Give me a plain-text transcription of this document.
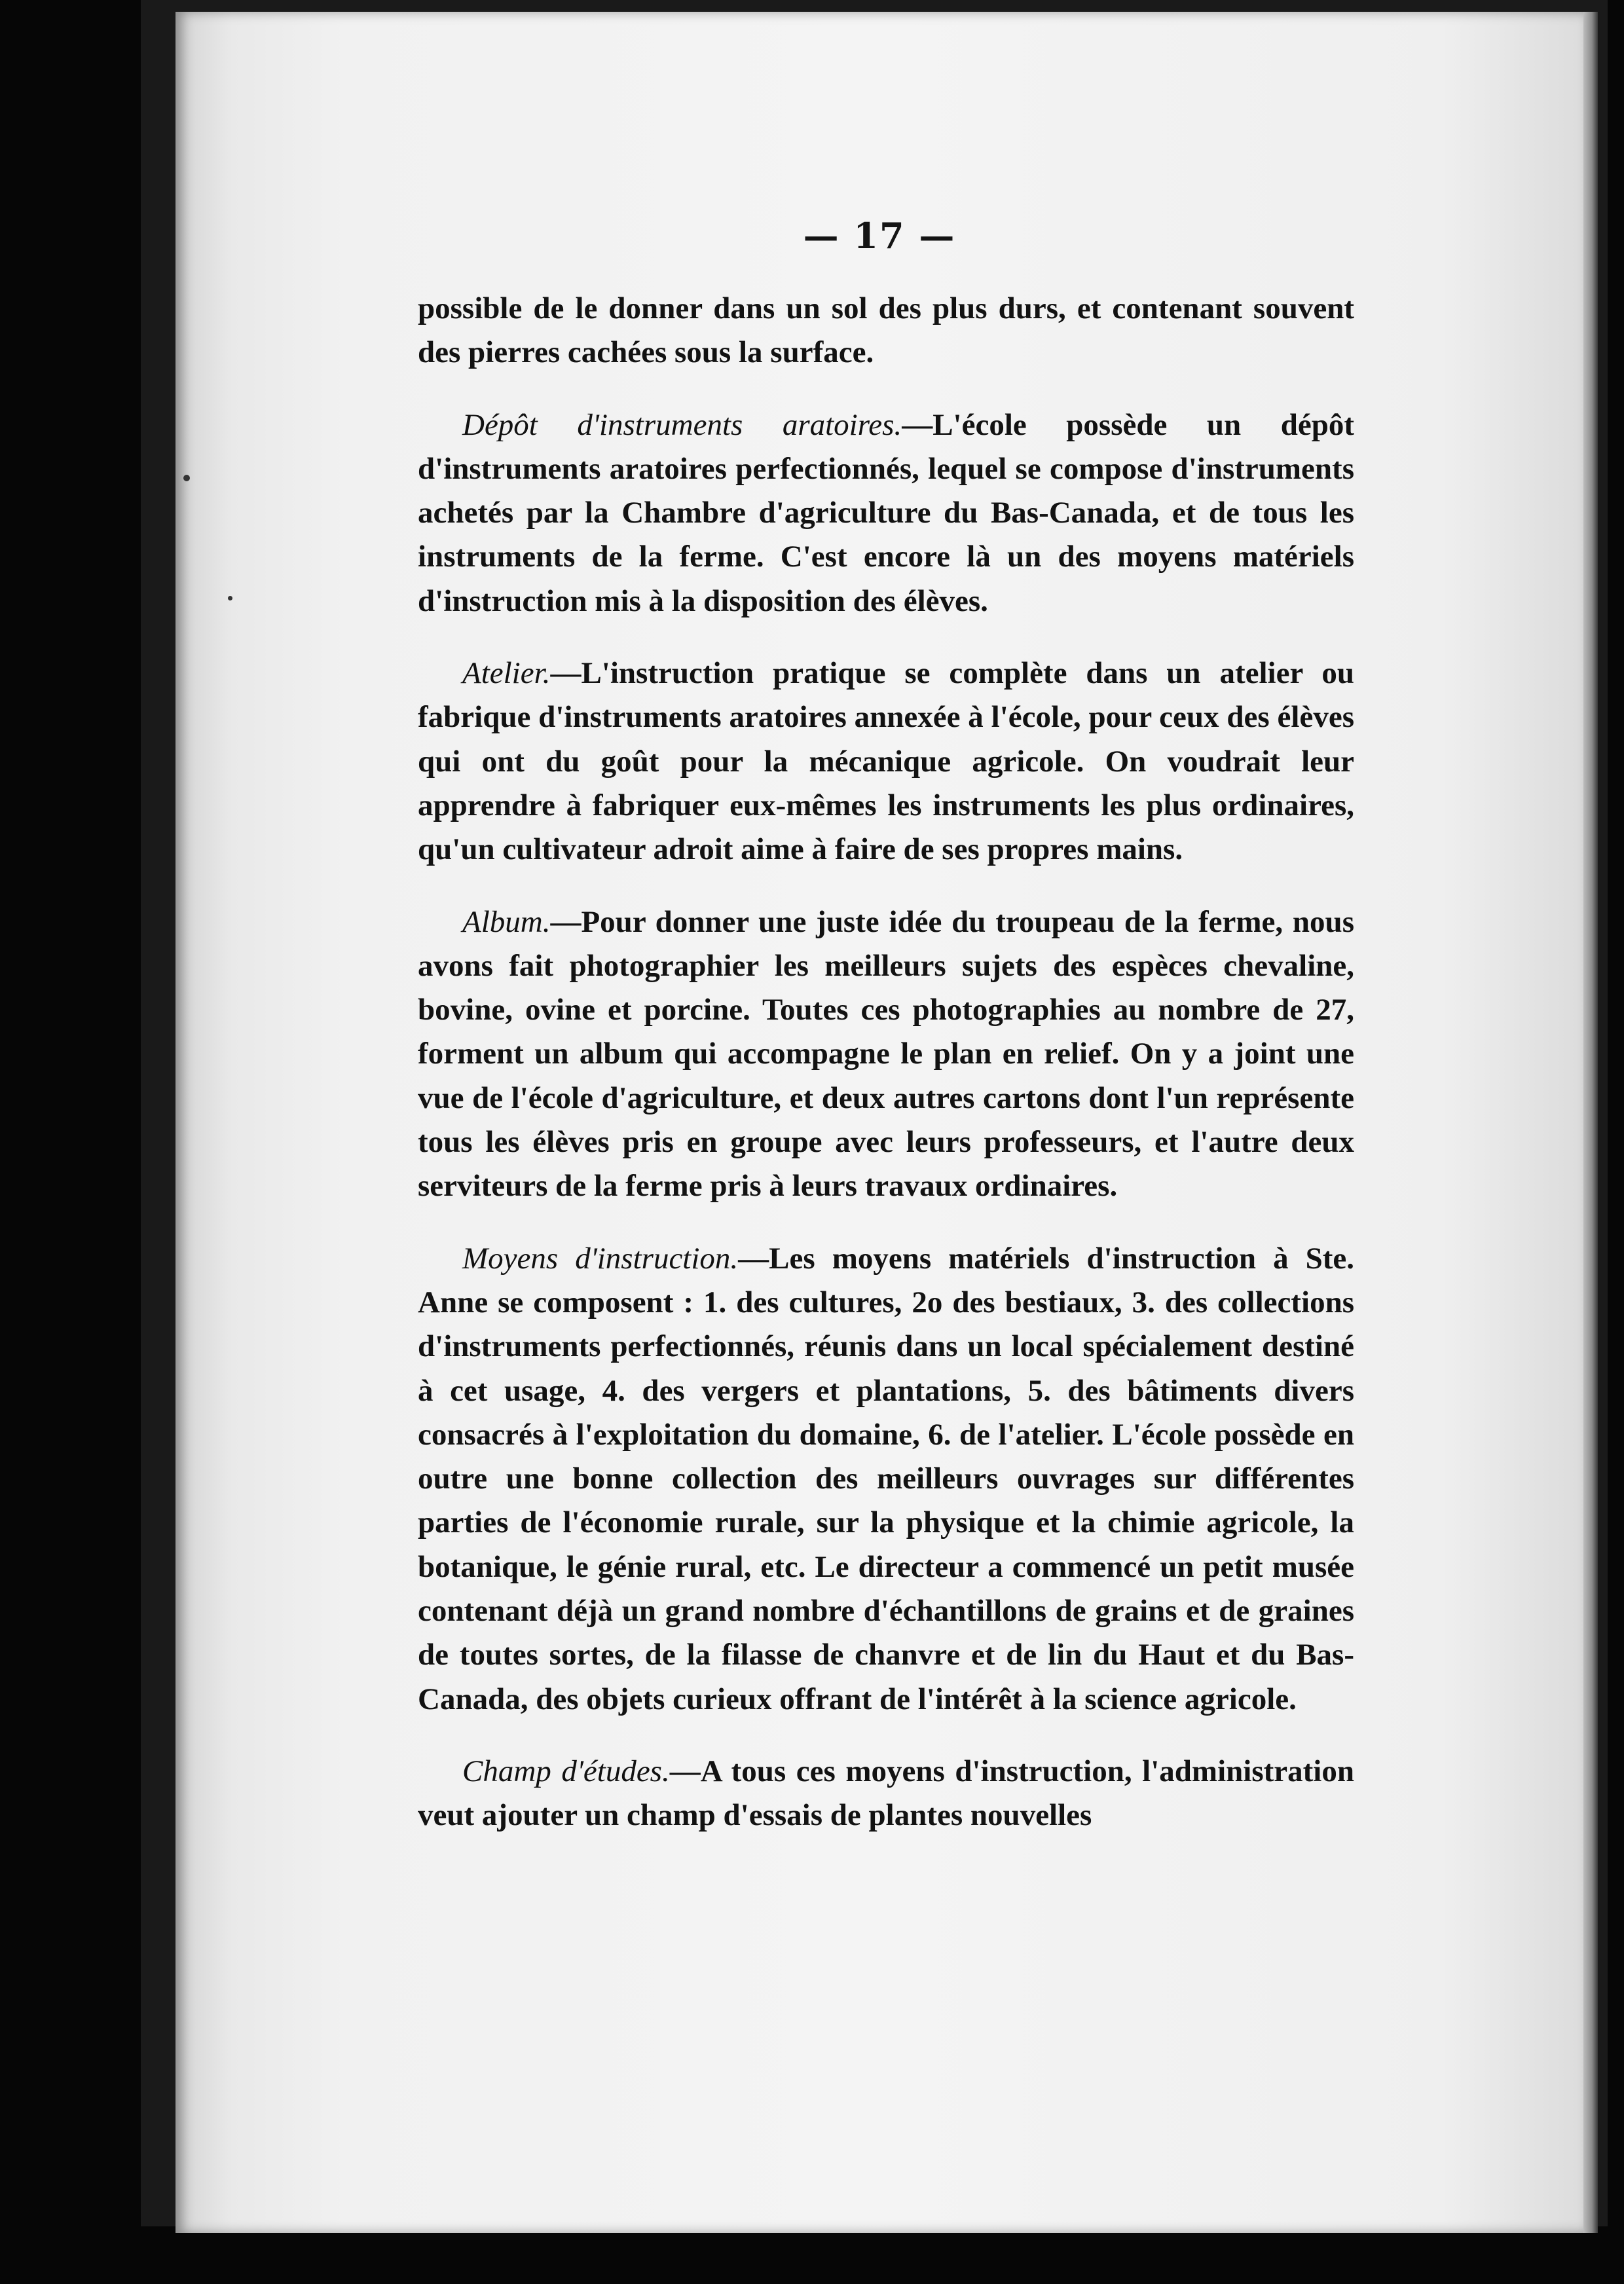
— 17 —

possible de le donner dans un sol des plus durs, et contenant souvent des pierres cachées sous la surface.

Dépôt d'instruments aratoires.—L'école possède un dépôt d'instruments aratoires perfectionnés, lequel se compose d'instruments achetés par la Chambre d'agriculture du Bas-Canada, et de tous les instruments de la ferme. C'est encore là un des moyens matériels d'instruction mis à la disposition des élèves.

Atelier.—L'instruction pratique se complète dans un atelier ou fabrique d'instruments aratoires annexée à l'école, pour ceux des élèves qui ont du goût pour la mécanique agricole. On voudrait leur apprendre à fabriquer eux-mêmes les instruments les plus ordinaires, qu'un cultivateur adroit aime à faire de ses propres mains.

Album.—Pour donner une juste idée du troupeau de la ferme, nous avons fait photographier les meilleurs sujets des espèces chevaline, bovine, ovine et porcine. Toutes ces photographies au nombre de 27, forment un album qui accompagne le plan en relief. On y a joint une vue de l'école d'agriculture, et deux autres cartons dont l'un représente tous les élèves pris en groupe avec leurs professeurs, et l'autre deux serviteurs de la ferme pris à leurs travaux ordinaires.

Moyens d'instruction.—Les moyens matériels d'instruction à Ste. Anne se composent : 1. des cultures, 2o des bestiaux, 3. des collections d'instruments perfectionnés, réunis dans un local spécialement destiné à cet usage, 4. des vergers et plantations, 5. des bâtiments divers consacrés à l'exploitation du domaine, 6. de l'atelier. L'école possède en outre une bonne collection des meilleurs ouvrages sur différentes parties de l'économie rurale, sur la physique et la chimie agricole, la botanique, le génie rural, etc. Le directeur a commencé un petit musée contenant déjà un grand nombre d'échantillons de grains et de graines de toutes sortes, de la filasse de chanvre et de lin du Haut et du Bas-Canada, des objets curieux offrant de l'intérêt à la science agricole.

Champ d'études.—A tous ces moyens d'instruction, l'administration veut ajouter un champ d'essais de plantes nouvelles
